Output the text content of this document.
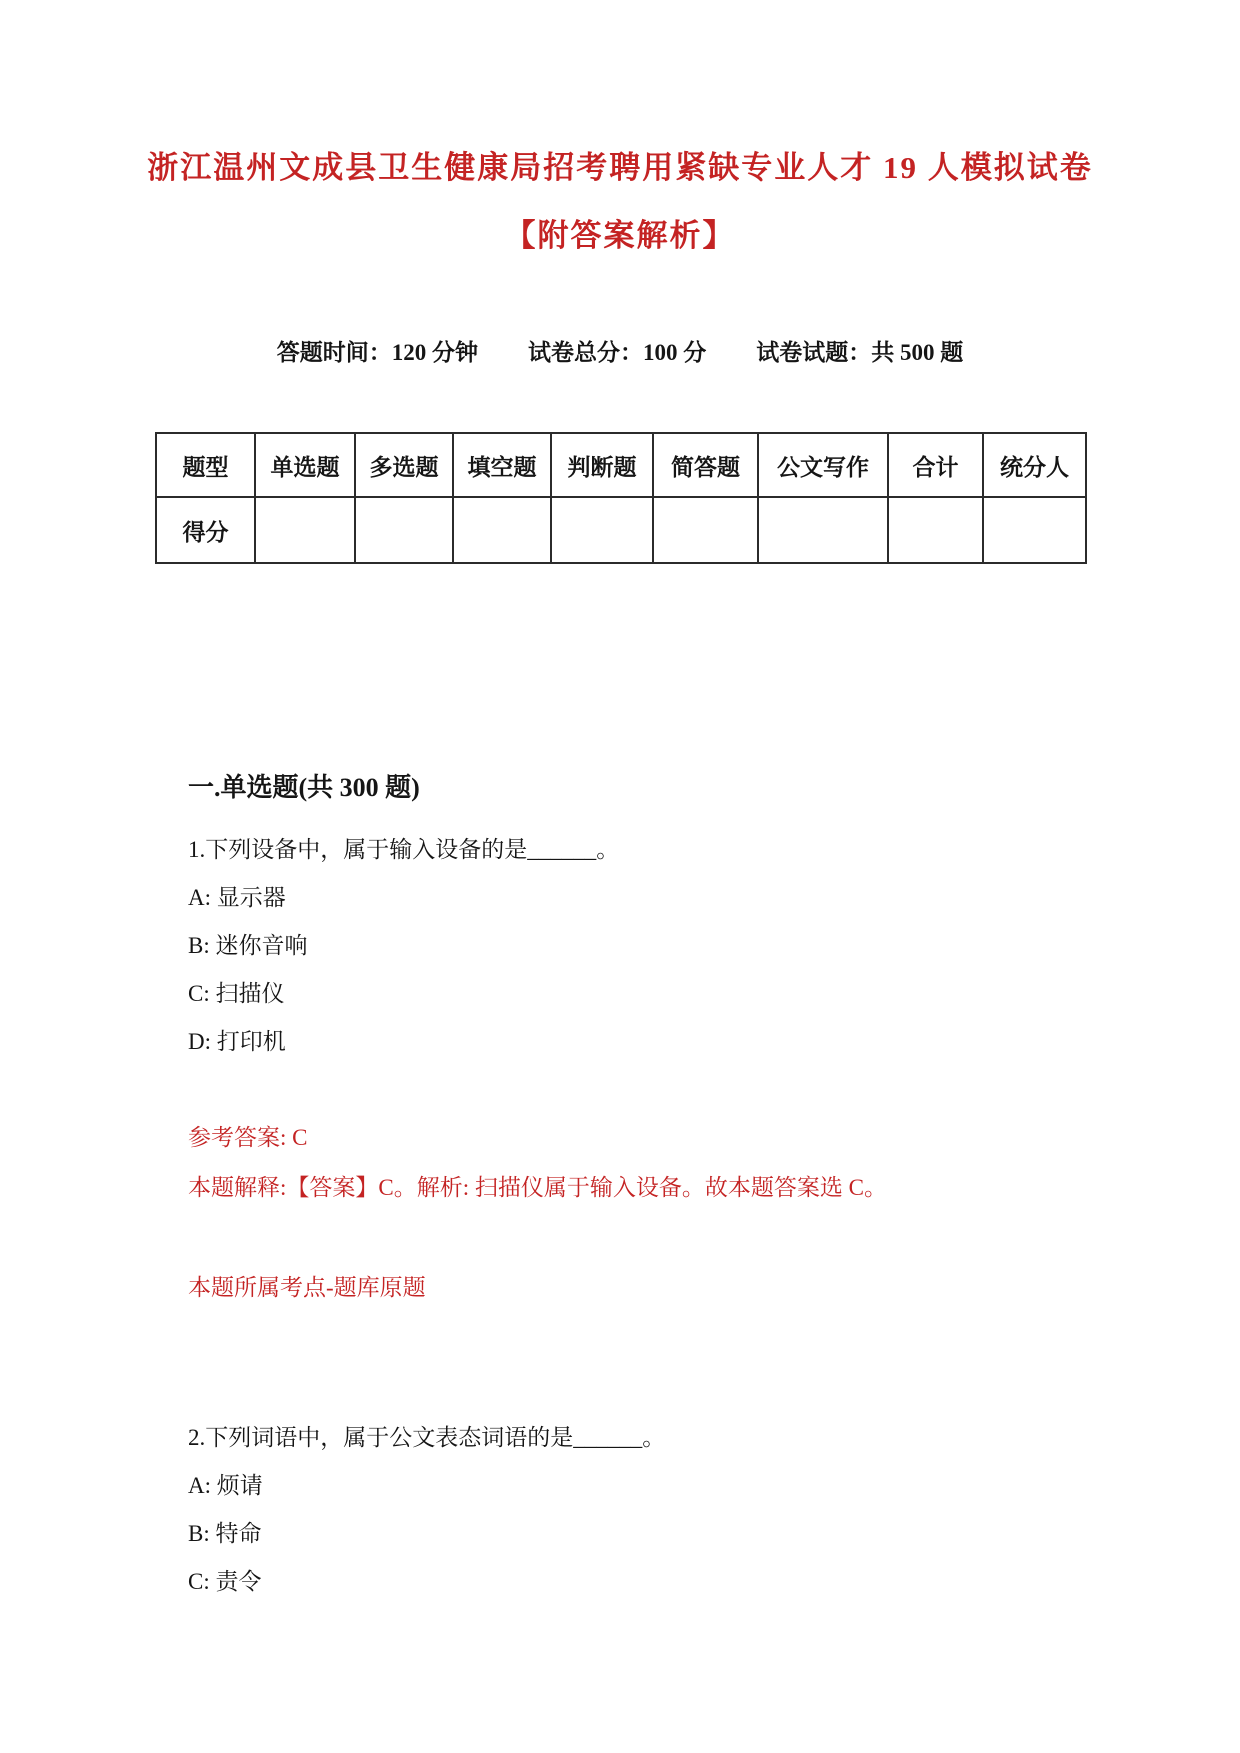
浙江温州文成县卫生健康局招考聘用紧缺专业人才 19 人模拟试卷
【附答案解析】
答题时间：120 分钟 试卷总分：100 分 试卷试题：共 500 题
题型	单选题	多选题	填空题	判断题	简答题	公文写作	合计	统分人
得分								
一.单选题(共 300 题)

1.下列设备中，属于输入设备的是______。

A: 显示器

B: 迷你音响

C: 扫描仪

D: 打印机

参考答案: C

本题解释:【答案】C。解析: 扫描仪属于输入设备。故本题答案选 C。

本题所属考点-题库原题

2.下列词语中，属于公文表态词语的是______。

A: 烦请

B: 特命

C: 责令
